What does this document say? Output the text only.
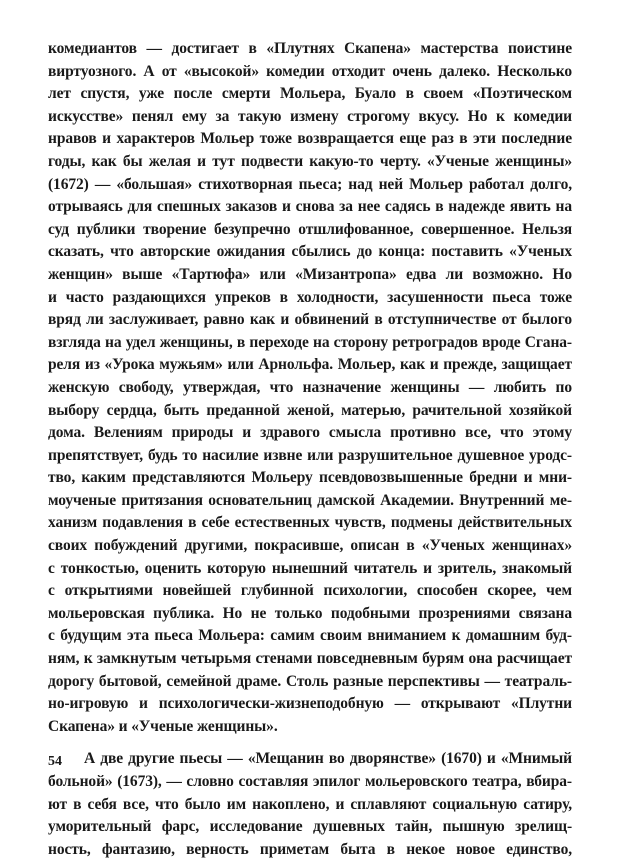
комедиантов — достигает в «Плутнях Скапена» мастерства поистине
виртуозного. А от «высокой» комедии отходит очень далеко. Несколько
лет спустя, уже после смерти Мольера, Буало в своем «Поэтическом
искусстве» пенял ему за такую измену строгому вкусу. Но к комедии
нравов и характеров Мольер тоже возвращается еще раз в эти последние
годы, как бы желая и тут подвести какую-то черту. «Ученые женщины»
(1672) — «большая» стихотворная пьеса; над ней Мольер работал долго,
отрываясь для спешных заказов и снова за нее садясь в надежде явить на
суд публики творение безупречно отшлифованное, совершенное. Нельзя
сказать, что авторские ожидания сбылись до конца: поставить «Ученых
женщин» выше «Тартюфа» или «Мизантропа» едва ли возможно. Но
и часто раздающихся упреков в холодности, засушенности пьеса тоже
вряд ли заслуживает, равно как и обвинений в отступничестве от былого
взгляда на удел женщины, в переходе на сторону ретроградов вроде Сгана-
реля из «Урока мужьям» или Арнольфа. Мольер, как и прежде, защищает
женскую свободу, утверждая, что назначение женщины — любить по
выбору сердца, быть преданной женой, матерью, рачительной хозяйкой
дома. Велениям природы и здравого смысла противно все, что этому
препятствует, будь то насилие извне или разрушительное душевное уродс-
тво, каким представляются Мольеру псевдовозвышенные бредни и мни-
моученые притязания основательниц дамской Академии. Внутренний ме-
ханизм подавления в себе естественных чувств, подмены действительных
своих побуждений другими, покрасивше, описан в «Ученых женщинах»
с тонкостью, оценить которую нынешний читатель и зритель, знакомый
с открытиями новейшей глубинной психологии, способен скорее, чем
мольеровская публика. Но не только подобными прозрениями связана
с будущим эта пьеса Мольера: самим своим вниманием к домашним буд-
ням, к замкнутым четырьмя стенами повседневным бурям она расчищает
дорогу бытовой, семейной драме. Столь разные перспективы — театраль-
но-игровую и психологически-жизнеподобную — открывают «Плутни
Скапена» и «Ученые женщины».
А две другие пьесы — «Мещанин во дворянстве» (1670) и «Мнимый
больной» (1673), — словно составляя эпилог мольеровского театра, вбира-
ют в себя все, что было им накоплено, и сплавляют социальную сатиру,
уморительный фарс, исследование душевных тайн, пышную зрелищ-
ность, фантазию, верность приметам быта в некое новое единство,
54
